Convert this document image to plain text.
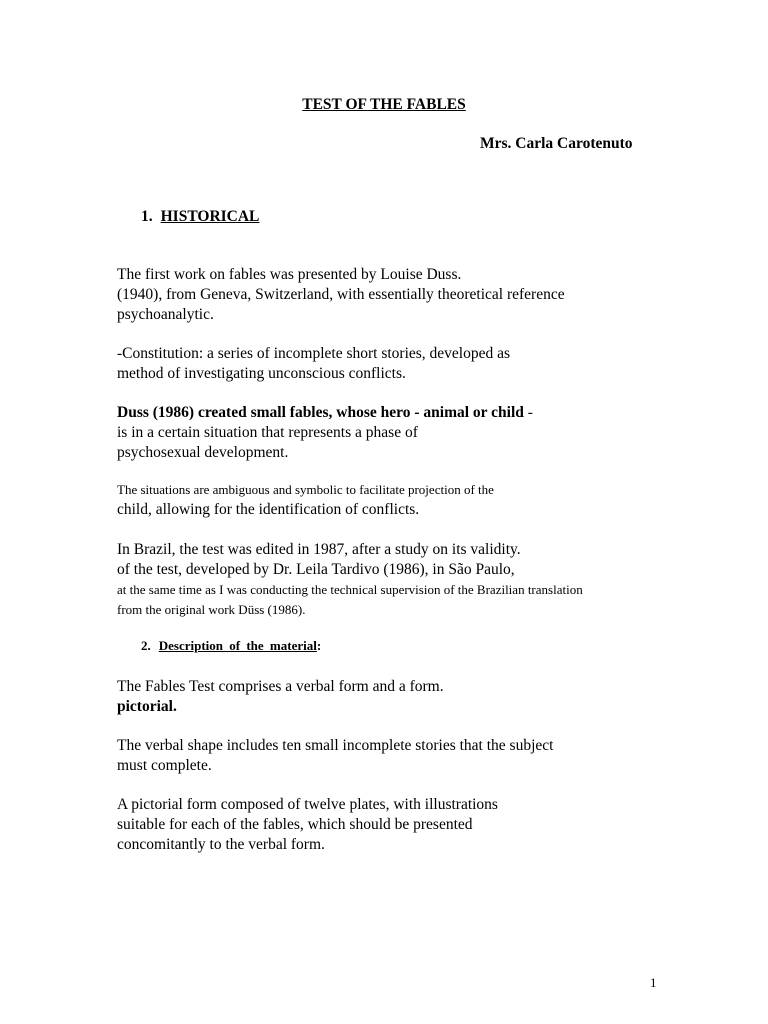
TEST OF THE FABLES

Mrs. Carla Carotenuto

1. HISTORICAL

The first work on fables was presented by Louise Duss.
(1940), from Geneva, Switzerland, with essentially theoretical reference
psychoanalytic.

-Constitution: a series of incomplete short stories, developed as
method of investigating unconscious conflicts.

Duss (1986) created small fables, whose hero - animal or child -
is in a certain situation that represents a phase of
psychosexual development.

The situations are ambiguous and symbolic to facilitate projection of the
child, allowing for the identification of conflicts.

In Brazil, the test was edited in 1987, after a study on its validity.
of the test, developed by Dr. Leila Tardivo (1986), in São Paulo,
at the same time as I was conducting the technical supervision of the Brazilian translation
from the original work Düss (1986).

2. Description of the material:

The Fables Test comprises a verbal form and a form.
pictorial.

The verbal shape includes ten small incomplete stories that the subject
must complete.

A pictorial form composed of twelve plates, with illustrations
suitable for each of the fables, which should be presented
concomitantly to the verbal form.

1
